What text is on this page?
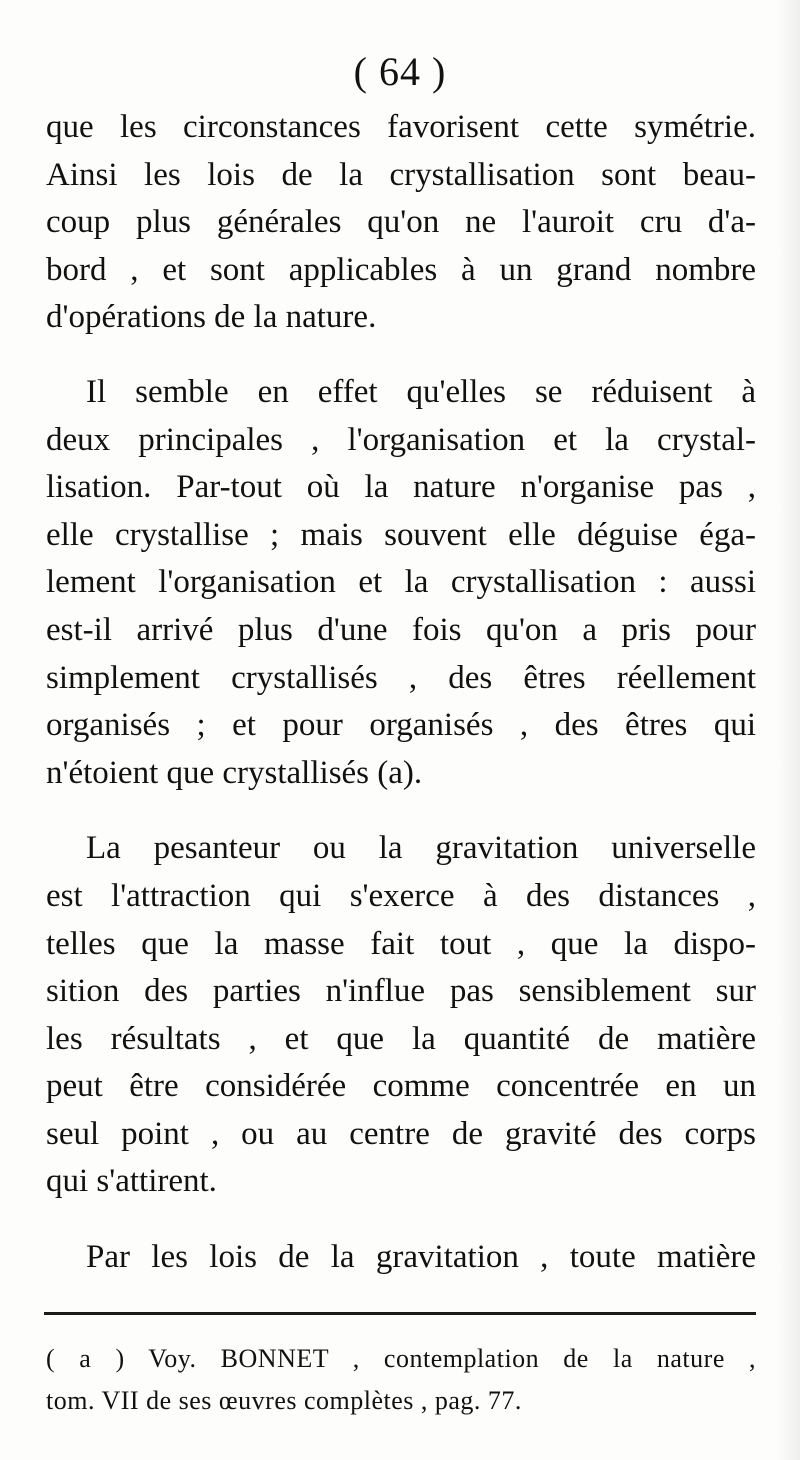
( 64 )
que les circonstances favorisent cette symétrie.
Ainsi les lois de la crystallisation sont beau-
coup plus générales qu'on ne l'auroit cru d'a-
bord , et sont applicables à un grand nombre
d'opérations de la nature.
Il semble en effet qu'elles se réduisent à
deux principales , l'organisation et la crystal-
lisation. Par-tout où la nature n'organise pas ,
elle crystallise ; mais souvent elle déguise éga-
lement l'organisation et la crystallisation : aussi
est-il arrivé plus d'une fois qu'on a pris pour
simplement crystallisés , des êtres réellement
organisés ; et pour organisés , des êtres qui
n'étoient que crystallisés (a).
La pesanteur ou la gravitation universelle
est l'attraction qui s'exerce à des distances ,
telles que la masse fait tout , que la dispo-
sition des parties n'influe pas sensiblement sur
les résultats , et que la quantité de matière
peut être considérée comme concentrée en un
seul point , ou au centre de gravité des corps
qui s'attirent.
Par les lois de la gravitation , toute matière
( a ) Voy. BONNET , contemplation de la nature ,
tom. VII de ses œuvres complètes , pag. 77.
